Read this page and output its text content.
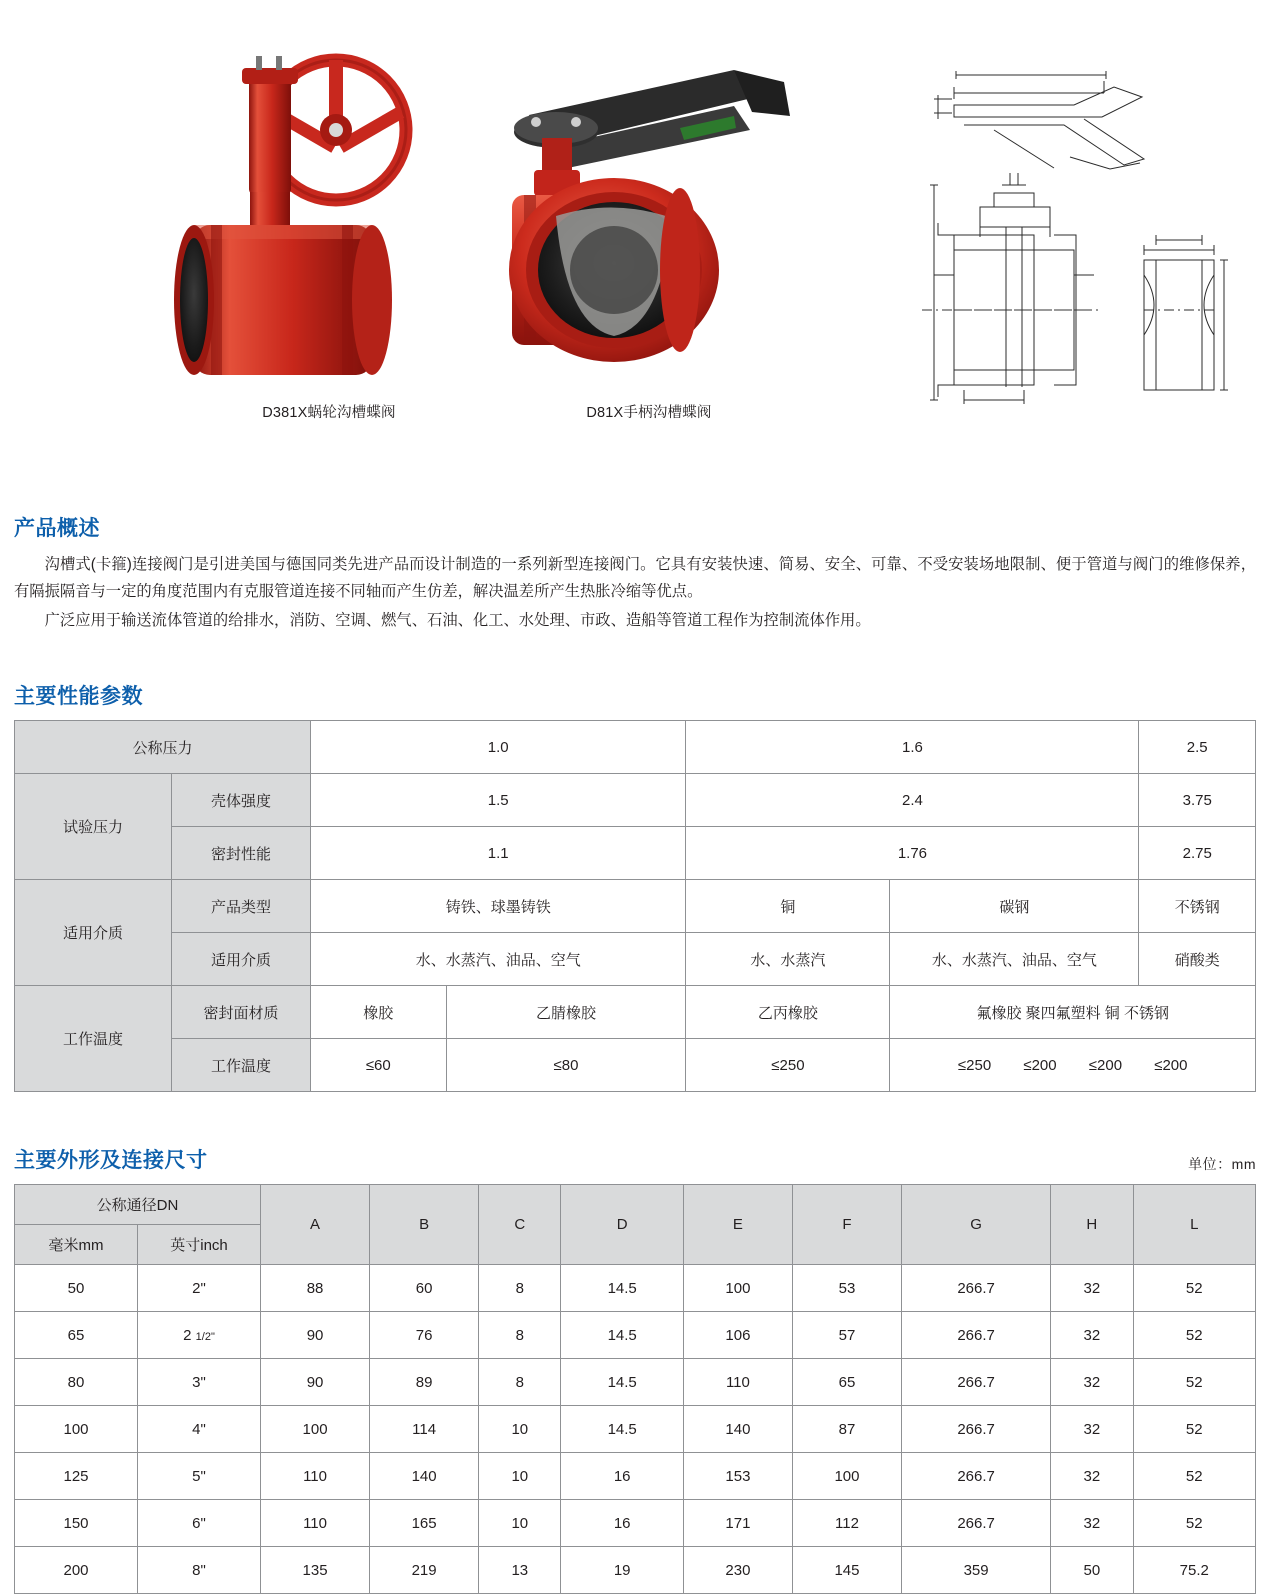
D381X蜗轮沟槽蝶阀	D81X手柄沟槽蝶阀
产品概述

沟槽式(卡箍)连接阀门是引进美国与德国同类先进产品而设计制造的一系列新型连接阀门。它具有安装快速、简易、安全、可靠、不受安装场地限制、便于管道与阀门的维修保养，有隔振隔音与一定的角度范围内有克服管道连接不同轴而产生仿差，解决温差所产生热胀冷缩等优点。

广泛应用于输送流体管道的给排水，消防、空调、燃气、石油、化工、水处理、市政、造船等管道工程作为控制流体作用。

主要性能参数
公称压力		1.0		1.6		2.5
试验压力	壳体强度	1.5		2.4		3.75
	密封性能	1.1		1.76		2.75
适用介质	产品类型	铸铁、球墨铸铁		铜	碳钢	不锈钢
	适用介质	水、水蒸汽、油品、空气		水、水蒸汽	水、水蒸汽、油品、空气	硝酸类
工作温度	密封面材质	橡胶	乙腈橡胶	乙丙橡胶	氟橡胶 聚四氟塑料 铜 不锈钢	
	工作温度	≤60	≤80	≤250	≤250 ≤200 ≤200 ≤200	
主要外形及连接尺寸	单位：mm
公称通径DN		A	B	C	D	E	F	G	H	L
毫米mm	英寸inch									
50	2"	88	60	8	14.5	100	53	266.7	32	52
65	2 1/2"	90	76	8	14.5	106	57	266.7	32	52
80	3"	90	89	8	14.5	110	65	266.7	32	52
100	4"	100	114	10	14.5	140	87	266.7	32	52
125	5"	110	140	10	16	153	100	266.7	32	52
150	6"	110	165	10	16	171	112	266.7	32	52
200	8"	135	219	13	19	230	145	359	50	75.2
